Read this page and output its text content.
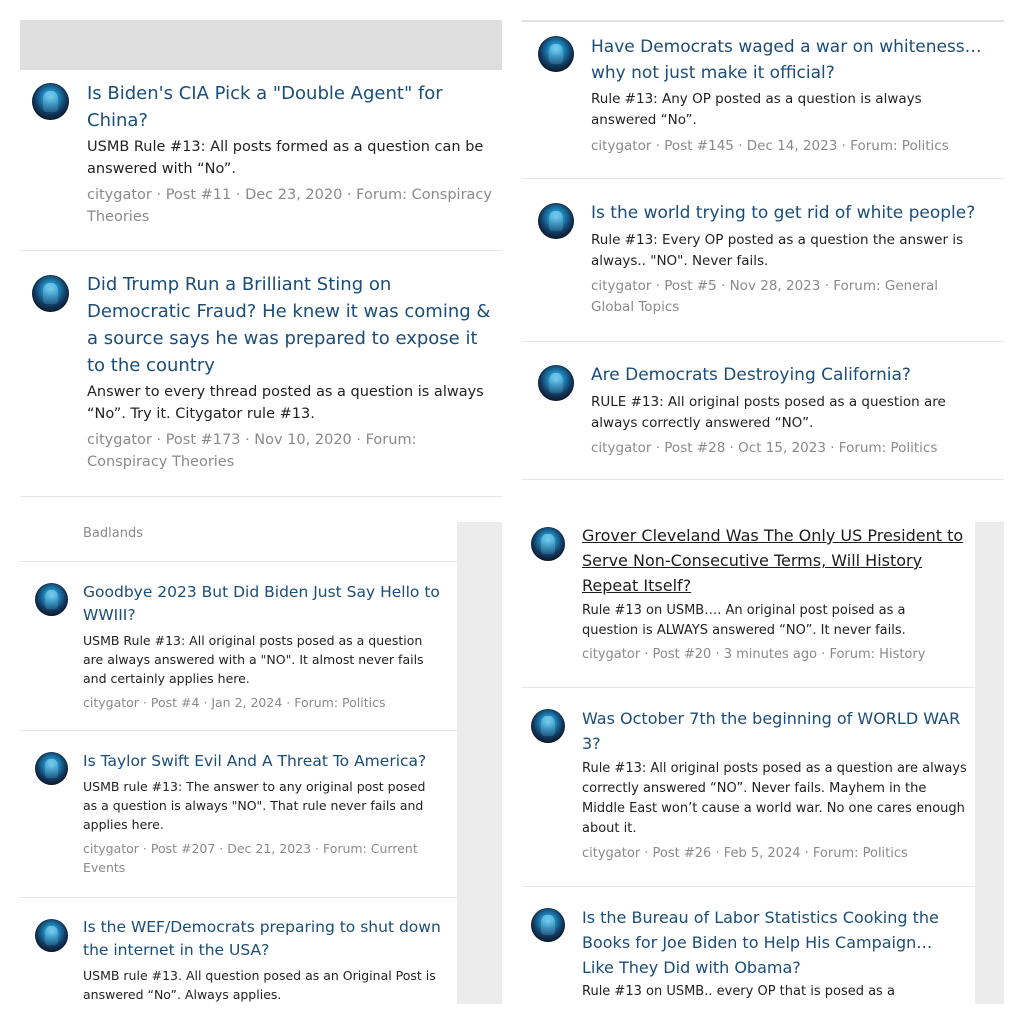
Is Biden's CIA Pick a "Double Agent" for China?
USMB Rule #13: All posts formed as a question can be answered with “No”.
citygator · Post #11 · Dec 23, 2020 · Forum: Conspiracy Theories
Did Trump Run a Brilliant Sting on Democratic Fraud? He knew it was coming & a source says he was prepared to expose it to the country
Answer to every thread posted as a question is always “No”. Try it. Citygator rule #13.
citygator · Post #173 · Nov 10, 2020 · Forum: Conspiracy Theories
Have Democrats waged a war on whiteness… why not just make it official?
Rule #13: Any OP posted as a question is always answered “No”.
citygator · Post #145 · Dec 14, 2023 · Forum: Politics
Is the world trying to get rid of white people?
Rule #13: Every OP posted as a question the answer is always.. "NO". Never fails.
citygator · Post #5 · Nov 28, 2023 · Forum: General Global Topics
Are Democrats Destroying California?
RULE #13: All original posts posed as a question are always correctly answered “NO”.
citygator · Post #28 · Oct 15, 2023 · Forum: Politics
Badlands
Goodbye 2023 But Did Biden Just Say Hello to WWIII?
USMB Rule #13: All original posts posed as a question are always answered with a "NO". It almost never fails and certainly applies here.
citygator · Post #4 · Jan 2, 2024 · Forum: Politics
Is Taylor Swift Evil And A Threat To America?
USMB rule #13: The answer to any original post posed as a question is always "NO". That rule never fails and applies here.
citygator · Post #207 · Dec 21, 2023 · Forum: Current Events
Is the WEF/Democrats preparing to shut down the internet in the USA?
USMB rule #13. All question posed as an Original Post is answered “No”. Always applies.
Grover Cleveland Was The Only US President to Serve Non-Consecutive Terms, Will History Repeat Itself?
Rule #13 on USMB…. An original post poised as a question is ALWAYS answered “NO”. It never fails.
citygator · Post #20 · 3 minutes ago · Forum: History
Was October 7th the beginning of WORLD WAR 3?
Rule #13: All original posts posed as a question are always correctly answered “NO”. Never fails. Mayhem in the Middle East won’t cause a world war. No one cares enough about it.
citygator · Post #26 · Feb 5, 2024 · Forum: Politics
Is the Bureau of Labor Statistics Cooking the Books for Joe Biden to Help His Campaign… Like They Did with Obama?
Rule #13 on USMB.. every OP that is posed as a
